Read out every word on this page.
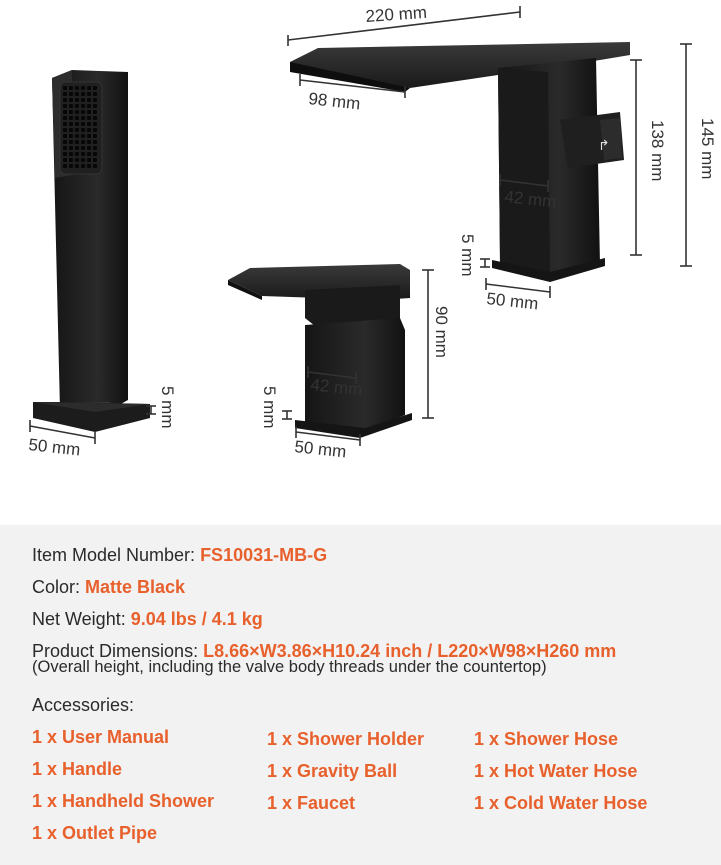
↱
220 mm
98 mm
42 mm
138 mm 145 mm
5 mm
50 mm
90 mm
42 mm
5 mm
50 mm
5 mm
50 mm
Item Model Number: FS10031-MB-G
Color: Matte Black
Net Weight: 9.04 lbs / 4.1 kg
Product Dimensions: L8.66×W3.86×H10.24 inch / L220×W98×H260 mm
(Overall height, including the valve body threads under the countertop)
Accessories:
1 x User Manual
1 x Handle
1 x Handheld Shower
1 x Outlet Pipe
1 x Shower Holder
1 x Gravity Ball
1 x Faucet
1 x Shower Hose
1 x Hot Water Hose
1 x Cold Water Hose
